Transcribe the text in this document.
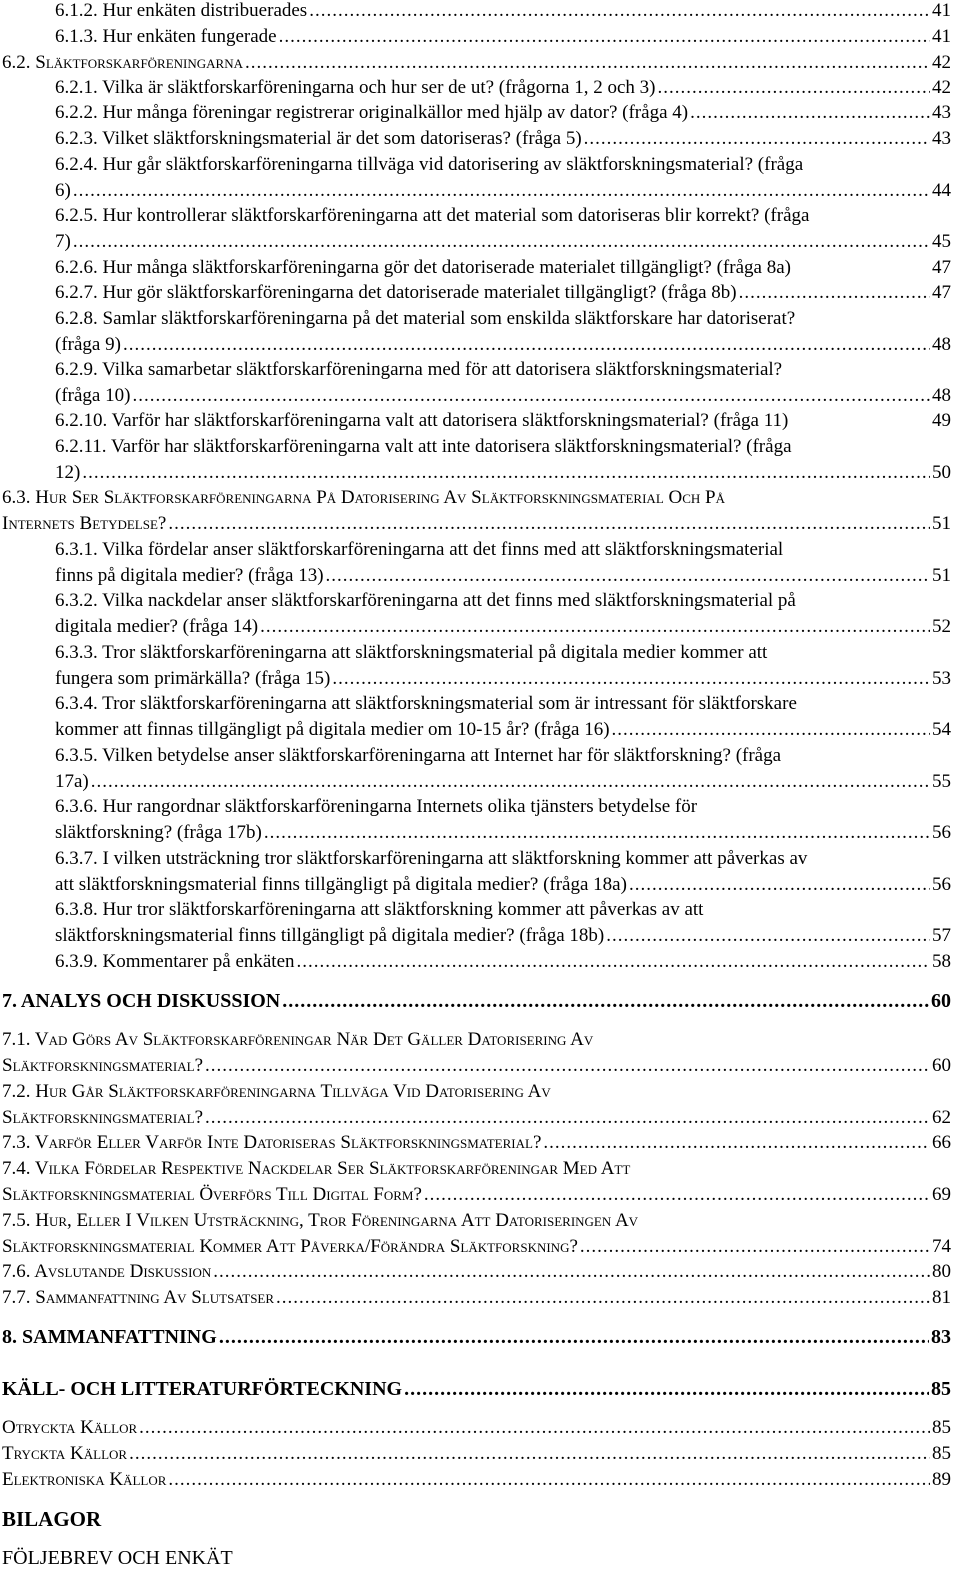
6.1.2. Hur enkäten distribuerades .....	41
6.1.3. Hur enkäten fungerade .....	41
6.2. Släktforskarföreningarna .....	42
6.2.1. Vilka är släktforskarföreningarna och hur ser de ut? (frågorna 1, 2 och 3) .....	42
6.2.2. Hur många föreningar registrerar originalkällor med hjälp av dator? (fråga 4) .....	43
6.2.3. Vilket släktforskningsmaterial är det som datoriseras? (fråga 5) .....	43
6.2.4. Hur går släktforskarföreningarna tillväga vid datorisering av släktforskningsmaterial? (fråga
6) .....	44
6.2.5. Hur kontrollerar släktforskarföreningarna att det material som datoriseras blir korrekt? (fråga
7) .....	45
6.2.6. Hur många släktforskarföreningarna gör det datoriserade materialet tillgängligt? (fråga 8a)	47
6.2.7. Hur gör släktforskarföreningarna det datoriserade materialet tillgängligt? (fråga 8b) .....	47
6.2.8. Samlar släktforskarföreningarna på det material som enskilda släktforskare har datoriserat?
(fråga 9) .....	48
6.2.9. Vilka samarbetar släktforskarföreningarna med för att datorisera släktforskningsmaterial?
(fråga 10) .....	48
6.2.10. Varför har släktforskarföreningarna valt att datorisera släktforskningsmaterial? (fråga 11)	49
6.2.11. Varför har släktforskarföreningarna valt att inte datorisera släktforskningsmaterial? (fråga
12) .....	50
6.3. Hur Ser Släktforskarföreningarna På Datorisering Av Släktforskningsmaterial Och På
Internets Betydelse? .....	51
6.3.1. Vilka fördelar anser släktforskarföreningarna att det finns med att släktforskningsmaterial
finns på digitala medier? (fråga 13) .....	51
6.3.2. Vilka nackdelar anser släktforskarföreningarna att det finns med släktforskningsmaterial på
digitala medier? (fråga 14) .....	52
6.3.3. Tror släktforskarföreningarna att släktforskningsmaterial på digitala medier kommer att
fungera som primärkälla? (fråga 15) .....	53
6.3.4. Tror släktforskarföreningarna att släktforskningsmaterial som är intressant för släktforskare
kommer att finnas tillgängligt på digitala medier om 10-15 år? (fråga 16) .....	54
6.3.5. Vilken betydelse anser släktforskarföreningarna att Internet har för släktforskning? (fråga
17a) .....	55
6.3.6. Hur rangordnar släktforskarföreningarna Internets olika tjänsters betydelse för
släktforskning? (fråga 17b) .....	56
6.3.7. I vilken utsträckning tror släktforskarföreningarna att släktforskning kommer att påverkas av
att släktforskningsmaterial finns tillgängligt på digitala medier? (fråga 18a) .....	56
6.3.8. Hur tror släktforskarföreningarna att släktforskning kommer att påverkas av att
släktforskningsmaterial finns tillgängligt på digitala medier? (fråga 18b) .....	57
6.3.9. Kommentarer på enkäten .....	58
7. ANALYS OCH DISKUSSION .....	60
7.1. Vad Görs Av Släktforskarföreningar När Det Gäller Datorisering Av
Släktforskningsmaterial? .....	60
7.2. Hur Går Släktforskarföreningarna Tillväga Vid Datorisering Av
Släktforskningsmaterial? .....	62
7.3. Varför Eller Varför Inte Datoriseras Släktforskningsmaterial? .....	66
7.4. Vilka Fördelar Respektive Nackdelar Ser Släktforskarföreningar Med Att
Släktforskningsmaterial Överförs Till Digital Form? .....	69
7.5. Hur, Eller I Vilken Utsträckning, Tror Föreningarna Att Datoriseringen Av
Släktforskningsmaterial Kommer Att Påverka/Förändra Släktforskning? .....	74
7.6. Avslutande Diskussion .....	80
7.7. Sammanfattning Av Slutsatser .....	81
8. SAMMANFATTNING .....	83
KÄLL- OCH LITTERATURFÖRTECKNING .....	85
Otryckta Källor .....	85
Tryckta Källor .....	85
Elektroniska Källor .....	89
BILAGOR
FÖLJEBREV OCH ENKÄT
